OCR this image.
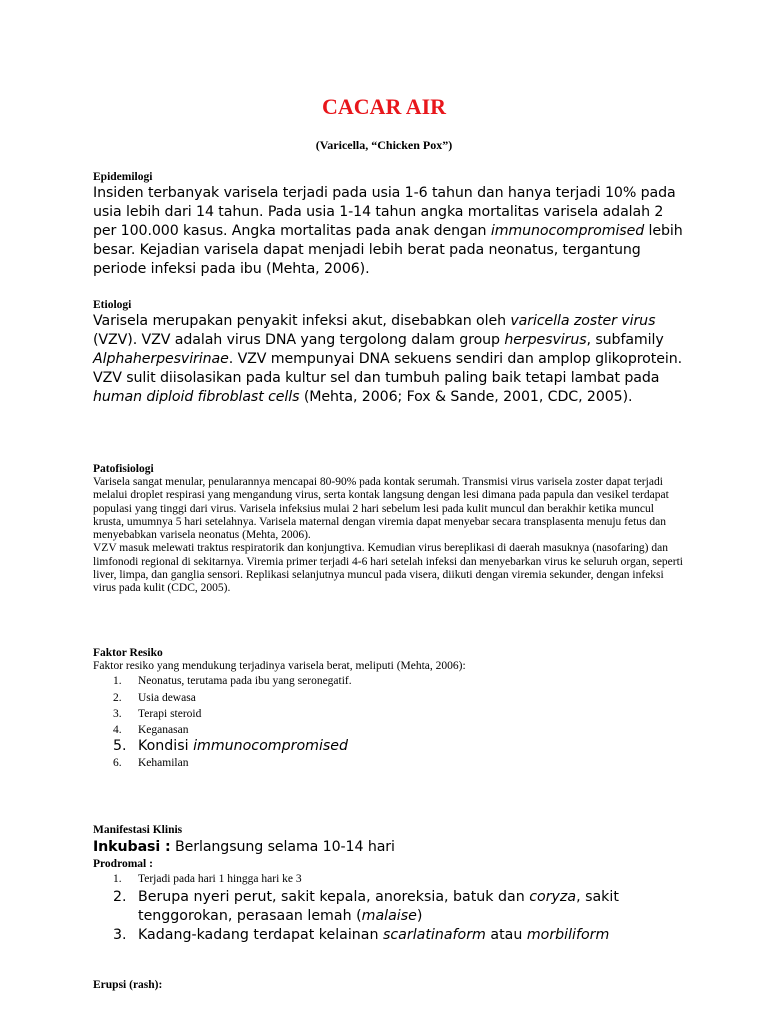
CACAR AIR
(Varicella, “Chicken Pox”)

Epidemilogi

Insiden terbanyak varisela terjadi pada usia 1-6 tahun dan hanya terjadi 10% pada usia lebih dari 14 tahun. Pada usia 1-14 tahun angka mortalitas varisela adalah 2 per 100.000 kasus. Angka mortalitas pada anak dengan immunocompromised lebih besar. Kejadian varisela dapat menjadi lebih berat pada neonatus, tergantung periode infeksi pada ibu (Mehta, 2006).

Etiologi

Varisela merupakan penyakit infeksi akut, disebabkan oleh varicella zoster virus (VZV). VZV adalah virus DNA yang tergolong dalam group herpesvirus, subfamily Alphaherpesvirinae. VZV mempunyai DNA sekuens sendiri dan amplop glikoprotein. VZV sulit diisolasikan pada kultur sel dan tumbuh paling baik tetapi lambat pada human diploid fibroblast cells (Mehta, 2006; Fox & Sande, 2001, CDC, 2005).

Patofisiologi

Varisela sangat menular, penularannya mencapai 80-90% pada kontak serumah. Transmisi virus varisela zoster dapat terjadi melalui droplet respirasi yang mengandung virus, serta kontak langsung dengan lesi dimana pada papula dan vesikel terdapat populasi yang tinggi dari virus. Varisela infeksius mulai 2 hari sebelum lesi pada kulit muncul dan berakhir ketika muncul krusta, umumnya 5 hari setelahnya. Varisela maternal dengan viremia dapat menyebar secara transplasenta menuju fetus dan menyebabkan varisela neonatus (Mehta, 2006).

VZV masuk melewati traktus respiratorik dan konjungtiva. Kemudian virus bereplikasi di daerah masuknya (nasofaring) dan limfonodi regional di sekitarnya. Viremia primer terjadi 4-6 hari setelah infeksi dan menyebarkan virus ke seluruh organ, seperti liver, limpa, dan ganglia sensori. Replikasi selanjutnya muncul pada visera, diikuti dengan viremia sekunder, dengan infeksi virus pada kulit (CDC, 2005).

Faktor Resiko

Faktor resiko yang mendukung terjadinya varisela berat, meliputi (Mehta, 2006):

1. Neonatus, terutama pada ibu yang seronegatif.
2. Usia dewasa
3. Terapi steroid
4. Keganasan
5. Kondisi immunocompromised
6. Kehamilan

Manifestasi Klinis

Inkubasi : Berlangsung selama 10-14 hari

Prodromal :

1. Terjadi pada hari 1 hingga hari ke 3
2. Berupa nyeri perut, sakit kepala, anoreksia, batuk dan coryza, sakit tenggorokan, perasaan lemah (malaise)
3. Kadang-kadang terdapat kelainan scarlatinaform atau morbiliform

Erupsi (rash):
